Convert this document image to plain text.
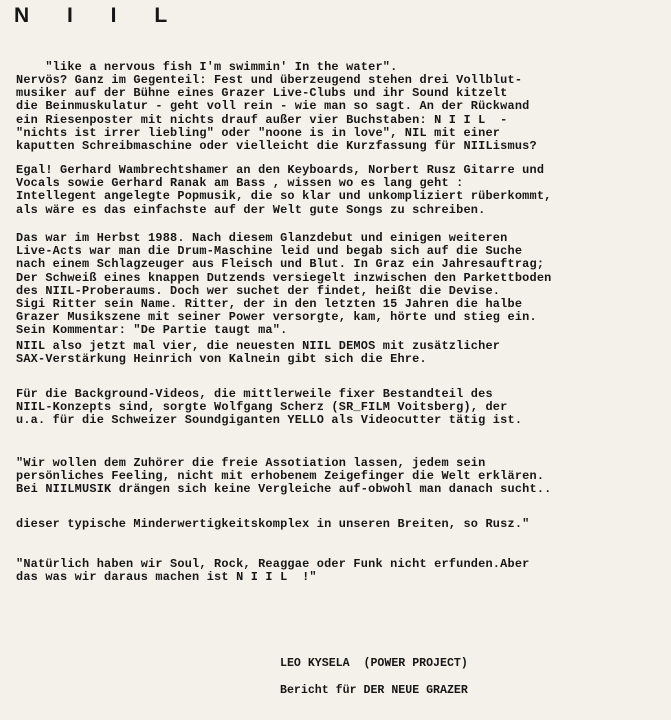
N I I L

"like a nervous fish I'm swimmin' In the water".

Nervös? Ganz im Gegenteil: Fest und überzeugend stehen drei Vollblut-
musiker auf der Bühne eines Grazer Live-Clubs und ihr Sound kitzelt
die Beinmuskulatur - geht voll rein - wie man so sagt. An der Rückwand
ein Riesenposter mit nichts drauf außer vier Buchstaben: N I I L  -
"nichts ist irrer liebling" oder "noone is in love", NIL mit einer
kaputten Schreibmaschine oder vielleicht die Kurzfassung für NIILismus?

Egal! Gerhard Wambrechtshamer an den Keyboards, Norbert Rusz Gitarre und
Vocals sowie Gerhard Ranak am Bass , wissen wo es lang geht :
Intellegent angelegte Popmusik, die so klar und unkompliziert rüberkommt,
als wäre es das einfachste auf der Welt gute Songs zu schreiben.

Das war im Herbst 1988. Nach diesem Glanzdebut und einigen weiteren
Live-Acts war man die Drum-Maschine leid und begab sich auf die Suche
nach einem Schlagzeuger aus Fleisch und Blut. In Graz ein Jahresauftrag;
Der Schweiß eines knappen Dutzends versiegelt inzwischen den Parkettboden
des NIIL-Proberaums. Doch wer suchet der findet, heißt die Devise.
Sigi Ritter sein Name. Ritter, der in den letzten 15 Jahren die halbe
Grazer Musikszene mit seiner Power versorgte, kam, hörte und stieg ein.
Sein Kommentar: "De Partie taugt ma".

NIIL also jetzt mal vier, die neuesten NIIL DEMOS mit zusätzlicher
SAX-Verstärkung Heinrich von Kalnein gibt sich die Ehre.

Für die Background-Videos, die mittlerweile fixer Bestandteil des
NIIL-Konzepts sind, sorgte Wolfgang Scherz (SR_FILM Voitsberg), der
u.a. für die Schweizer Soundgiganten YELLO als Videocutter tätig ist.

"Wir wollen dem Zuhörer die freie Assotiation lassen, jedem sein
persönliches Feeling, nicht mit erhobenem Zeigefinger die Welt erklären.
Bei NIILMUSIK drängen sich keine Vergleiche auf-obwohl man danach sucht..

dieser typische Minderwertigkeitskomplex in unseren Breiten, so Rusz."

"Natürlich haben wir Soul, Rock, Reaggae oder Funk nicht erfunden.Aber
das was wir daraus machen ist N I I L  !"

LEO KYSELA  (POWER PROJECT)
Bericht für DER NEUE GRAZER
